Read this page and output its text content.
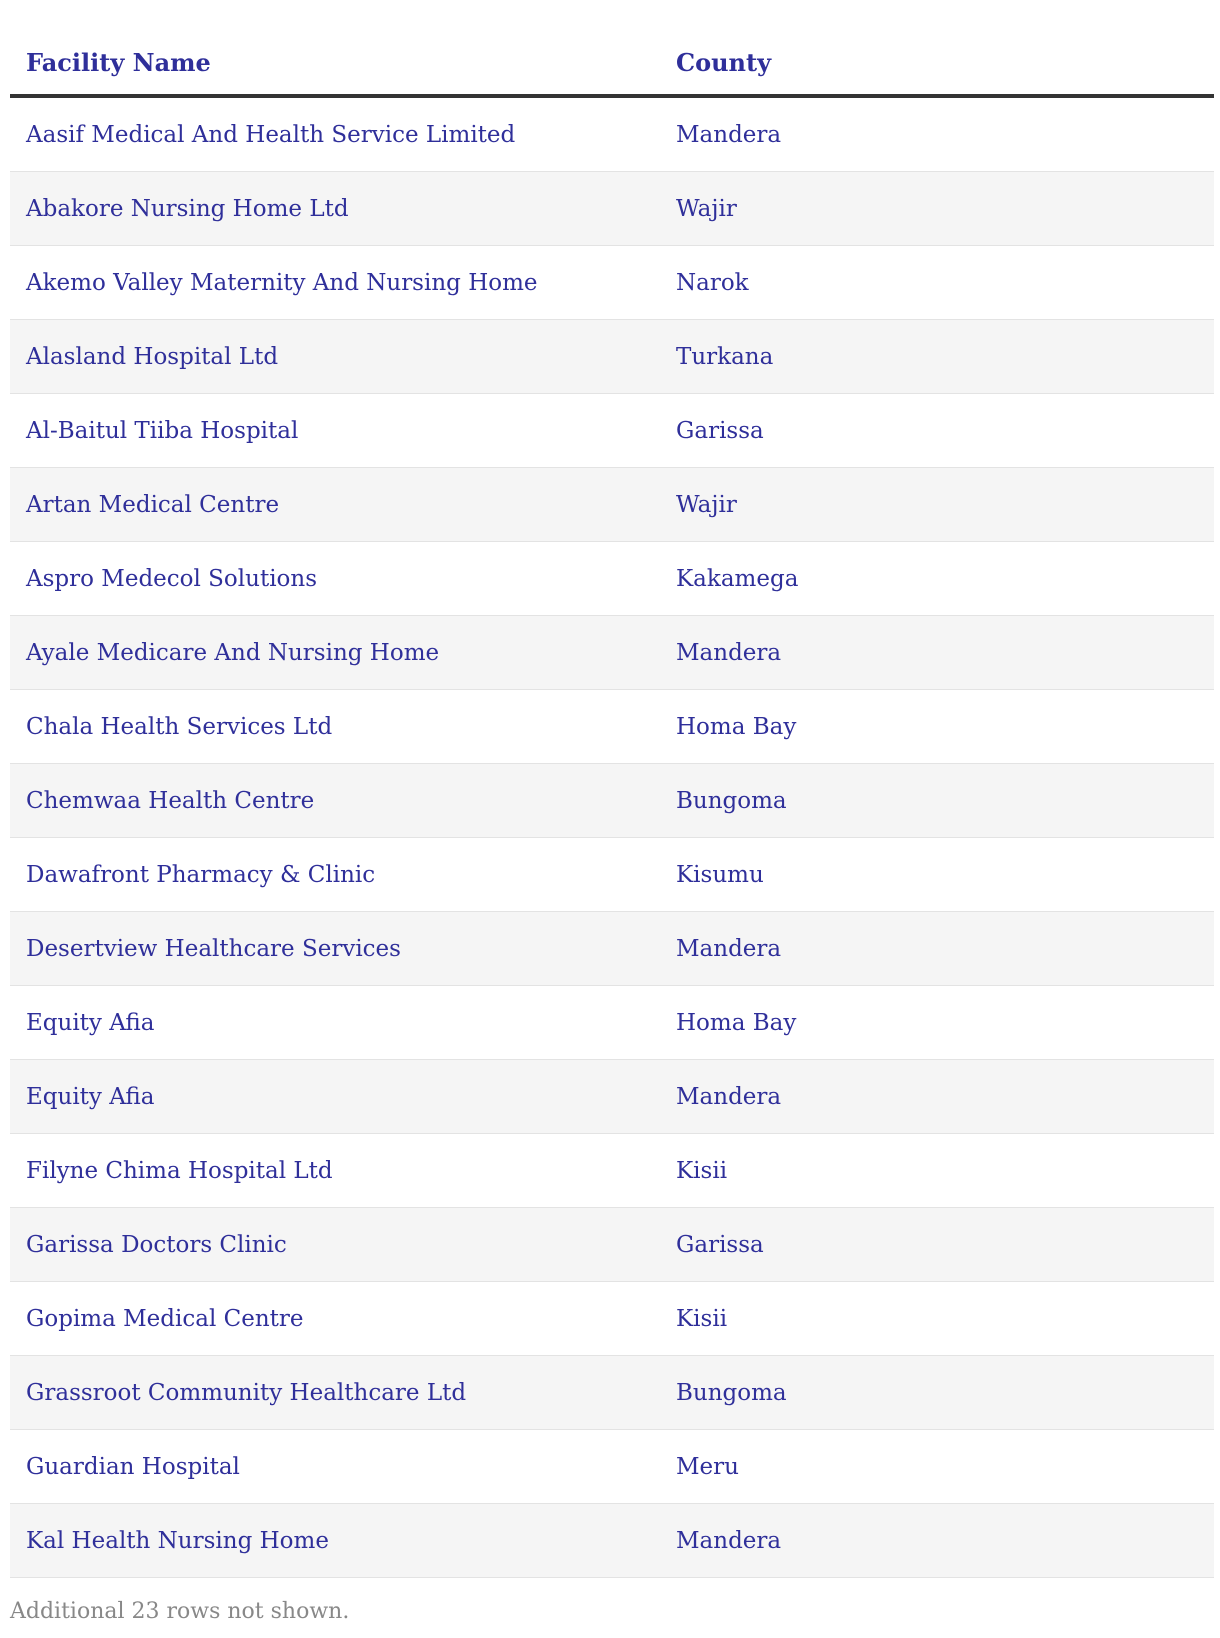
Facility Name	County
Aasif Medical And Health Service Limited	Mandera
Abakore Nursing Home Ltd	Wajir
Akemo Valley Maternity And Nursing Home	Narok
Alasland Hospital Ltd	Turkana
Al-Baitul Tiiba Hospital	Garissa
Artan Medical Centre	Wajir
Aspro Medecol Solutions	Kakamega
Ayale Medicare And Nursing Home	Mandera
Chala Health Services Ltd	Homa Bay
Chemwaa Health Centre	Bungoma
Dawafront Pharmacy & Clinic	Kisumu
Desertview Healthcare Services	Mandera
Equity Afia	Homa Bay
Equity Afia	Mandera
Filyne Chima Hospital Ltd	Kisii
Garissa Doctors Clinic	Garissa
Gopima Medical Centre	Kisii
Grassroot Community Healthcare Ltd	Bungoma
Guardian Hospital	Meru
Kal Health Nursing Home	Mandera
Additional 23 rows not shown.
